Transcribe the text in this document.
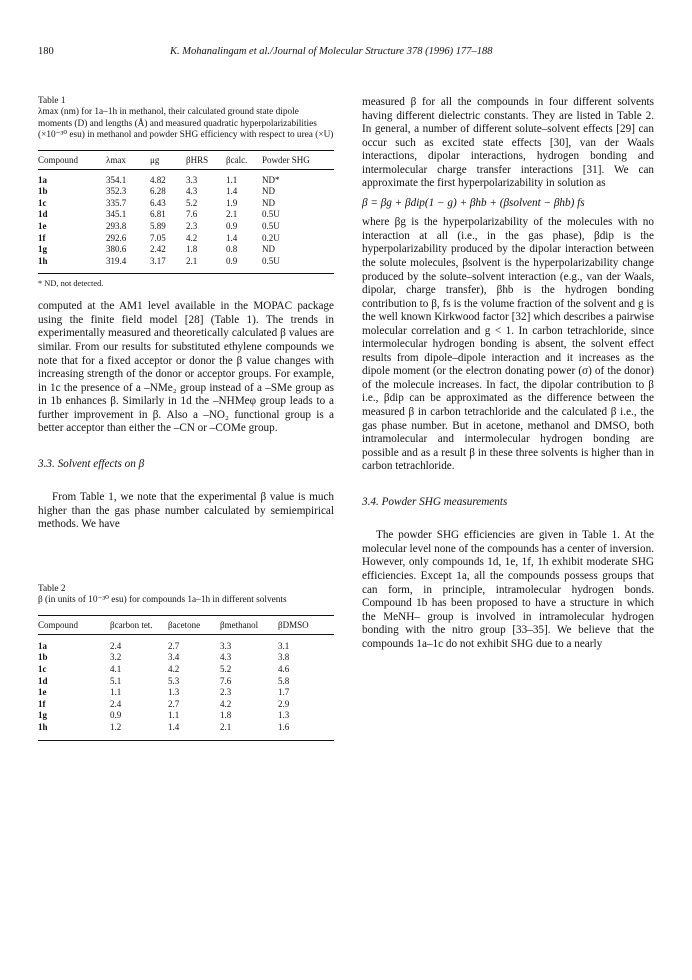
180	K. Mohanalingam et al./Journal of Molecular Structure 378 (1996) 177–188
Table 1
λmax (nm) for 1a–1h in methanol, their calculated ground state dipole moments (D) and lengths (Å) and measured quadratic hyperpolarizabilities (×10⁻³⁰ esu) in methanol and powder SHG efficiency with respect to urea (×U)
Compound	λmax	μg	βHRS	βcalc.	Powder SHG
1a	354.1	4.82	3.3	1.1	ND*
1b	352.3	6.28	4.3	1.4	ND
1c	335.7	6.43	5.2	1.9	ND
1d	345.1	6.81	7.6	2.1	0.5U
1e	293.8	5.89	2.3	0.9	0.5U
1f	292.6	7.05	4.2	1.4	0.2U
1g	380.6	2.42	1.8	0.8	ND
1h	319.4	3.17	2.1	0.9	0.5U
* ND, not detected.

computed at the AM1 level available in the MOPAC package using the finite field model [28] (Table 1). The trends in experimentally measured and theoretically calculated β values are similar. From our results for substituted ethylene compounds we note that for a fixed acceptor or donor the β value changes with increasing strength of the donor or acceptor groups. For example, in 1c the presence of a –NMe₂ group instead of a –SMe group as in 1b enhances β. Similarly in 1d the –NHMeφ group leads to a further improvement in β. Also a –NO₂ functional group is a better acceptor than either the –CN or –COMe group.

3.3. Solvent effects on β

From Table 1, we note that the experimental β value is much higher than the gas phase number calculated by semiempirical methods. We have

Table 2
β (in units of 10⁻³⁰ esu) for compounds 1a–1h in different solvents
Compound	βcarbon tet.	βacetone	βmethanol	βDMSO
1a	2.4	2.7	3.3	3.1
1b	3.2	3.4	4.3	3.8
1c	4.1	4.2	5.2	4.6
1d	5.1	5.3	7.6	5.8
1e	1.1	1.3	2.3	1.7
1f	2.4	2.7	4.2	2.9
1g	0.9	1.1	1.8	1.3
1h	1.2	1.4	2.1	1.6

measured β for all the compounds in four different solvents having different dielectric constants. They are listed in Table 2. In general, a number of different solute–solvent effects [29] can occur such as excited state effects [30], van der Waals interactions, dipolar interactions, hydrogen bonding and intermolecular charge transfer interactions [31]. We can approximate the first hyperpolarizability in solution as

β = βg + βdip(1 − g) + βhb + (βsolvent − βhb) fs

where βg is the hyperpolarizability of the molecules with no interaction at all (i.e., in the gas phase), βdip is the hyperpolarizability produced by the dipolar interaction between the solute molecules, βsolvent is the hyperpolarizability change produced by the solute–solvent interaction (e.g., van der Waals, dipolar, charge transfer), βhb is the hydrogen bonding contribution to β, fs is the volume fraction of the solvent and g is the well known Kirkwood factor [32] which describes a pairwise molecular correlation and g < 1. In carbon tetrachloride, since intermolecular hydrogen bonding is absent, the solvent effect results from dipole–dipole interaction and it increases as the dipole moment (or the electron donating power (σ) of the donor) of the molecule increases. In fact, the dipolar contribution to β i.e., βdip can be approximated as the difference between the measured β in carbon tetrachloride and the calculated β i.e., the gas phase number. But in acetone, methanol and DMSO, both intramolecular and intermolecular hydrogen bonding are possible and as a result β in these three solvents is higher than in carbon tetrachloride.

3.4. Powder SHG measurements

The powder SHG efficiencies are given in Table 1. At the molecular level none of the compounds has a center of inversion. However, only compounds 1d, 1e, 1f, 1h exhibit moderate SHG efficiencies. Except 1a, all the compounds possess groups that can form, in principle, intramolecular hydrogen bonds. Compound 1b has been proposed to have a structure in which the MeNH– group is involved in intramolecular hydrogen bonding with the nitro group [33–35]. We believe that the compounds 1a–1c do not exhibit SHG due to a nearly
